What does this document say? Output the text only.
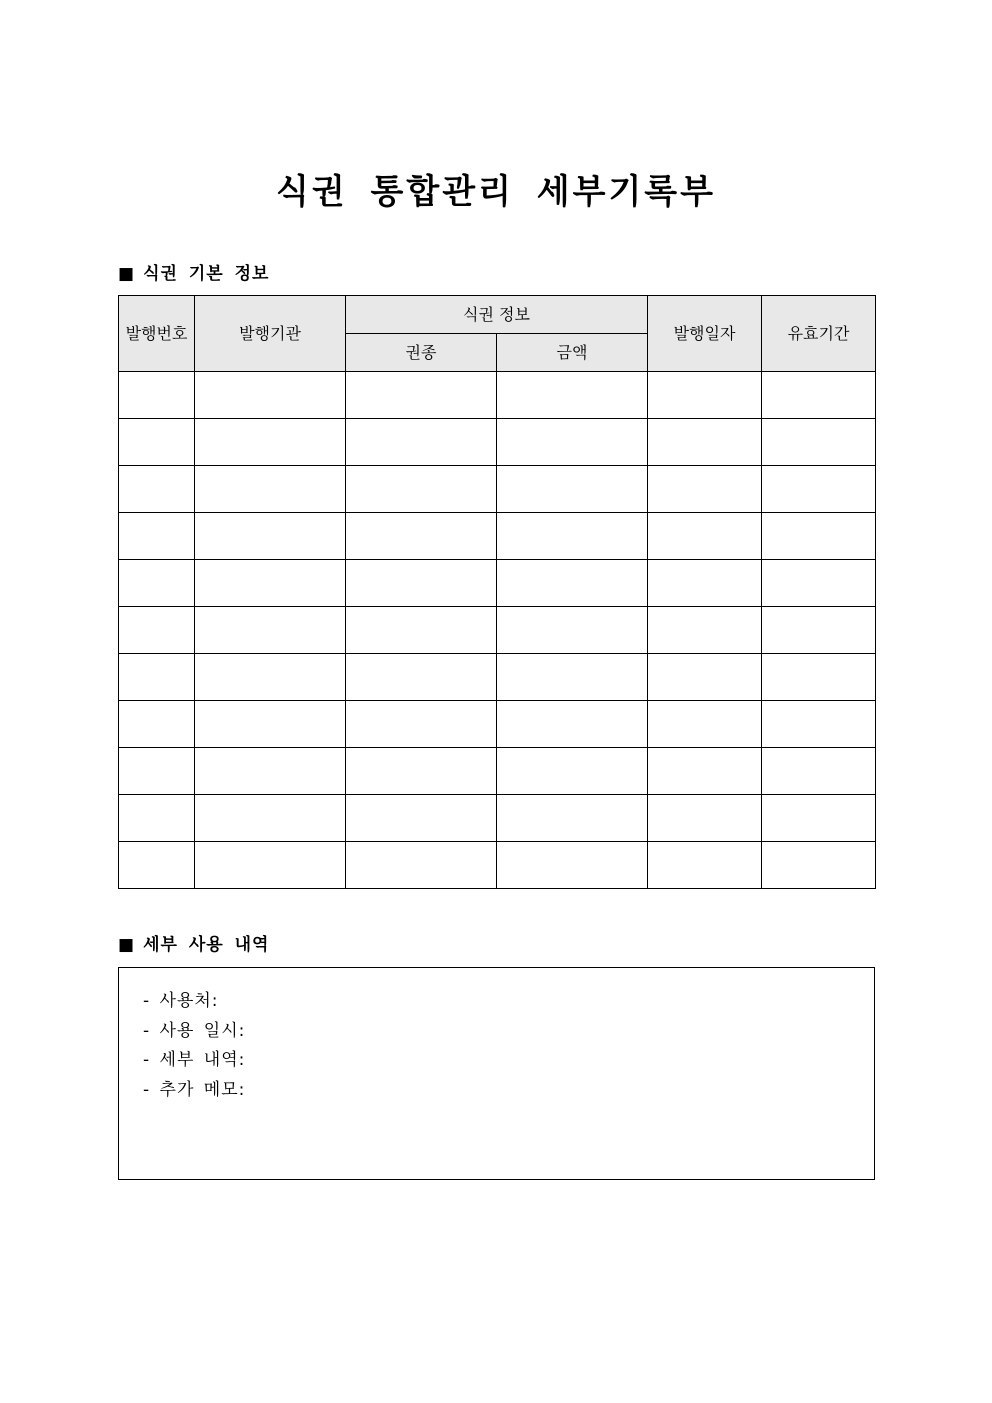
식권 통합관리 세부기록부
■ 식권 기본 정보
발행번호	발행기관	식권 정보		발행일자	유효기간
		권종	금액		

■ 세부 사용 내역
- 사용처:
- 사용 일시:
- 세부 내역:
- 추가 메모:
